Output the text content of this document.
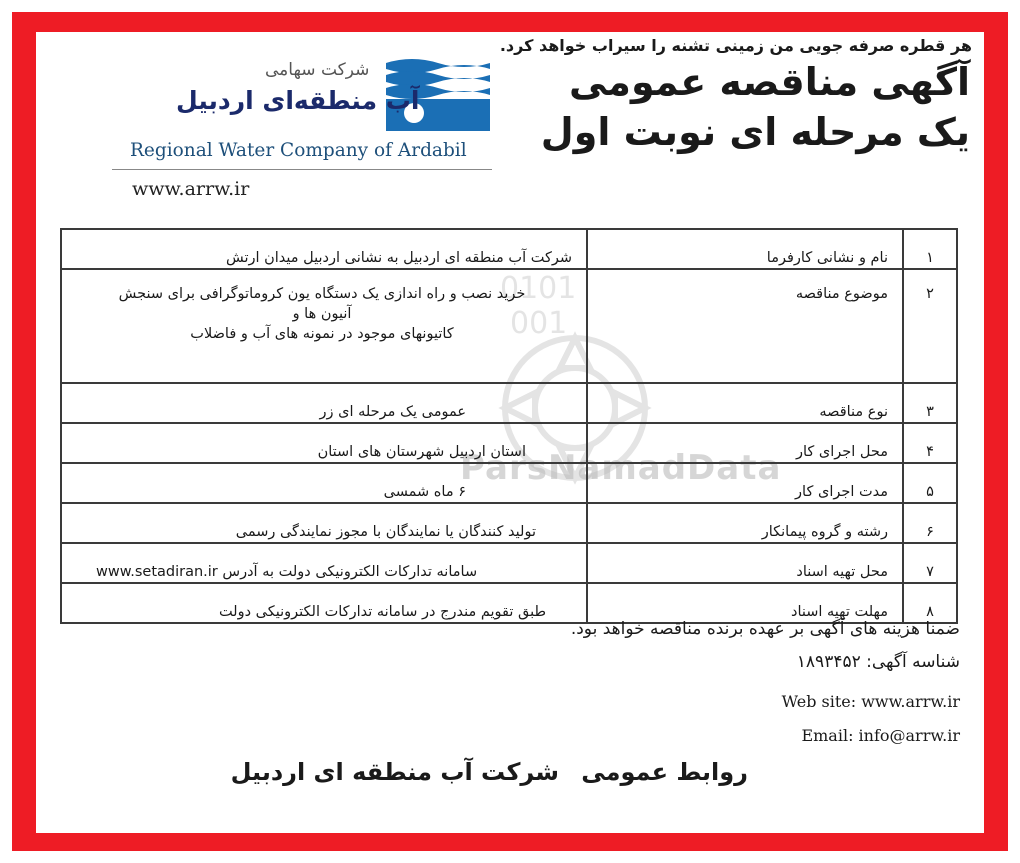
هر قطره صرفه جویی من زمینی تشنه را سیراب خواهد کرد.
آگهی مناقصه عمومی
یک مرحله ای نوبت اول
شرکت سهامی
آب منطقه‌ای اردبیل
Regional Water Company of Ardabil
www.arrw.ir
0101
001
ParsNamadData
۱	نام و نشانی کارفرما	شرکت آب منطقه ای اردبیل به نشانی اردبیل میدان ارتش
۲	موضوع مناقصه	خرید نصب و راه اندازی یک دستگاه یون کروماتوگرافی برای سنجش
آنیون ها و
کاتیونهای موجود در نمونه های آب و فاضلاب

۳	نوع مناقصه	عمومی یک مرحله ای زر
۴	محل اجرای کار	استان اردبیل شهرستان های استان
۵	مدت اجرای کار	۶ ماه شمسی
۶	رشته و گروه پیمانکار	تولید کنندگان یا نمایندگان با مجوز نمایندگی رسمی
۷	محل تهیه اسناد	سامانه تدارکات الکترونیکی دولت به آدرس www.setadiran.ir
۸	مهلت تهیه اسناد	طبق تقویم مندرج در سامانه تدارکات الکترونیکی دولت
ضمنا هزینه های آگهی بر عهده برنده مناقصه خواهد بود.
شناسه آگهی: ۱۸۹۳۴۵۲
Web site: www.arrw.ir
Email: info@arrw.ir
روابط عمومی شرکت آب منطقه ای اردبیل
